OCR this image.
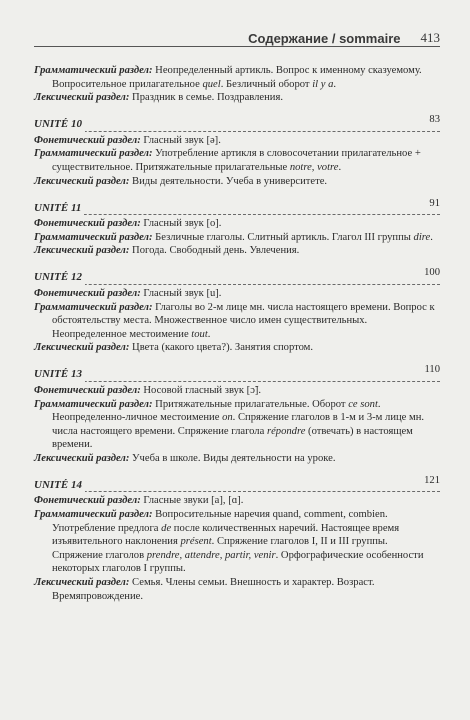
Содержание / sommaire 413

Грамматический раздел: Неопределенный артикль. Вопрос к именному сказуемому. Вопросительное прилагательное quel. Безличный оборот il y a.

Лексический раздел: Праздник в семье. Поздравления.

UNITÉ 10	83

Фонетический раздел: Гласный звук [ə].

Грамматический раздел: Употребление артикля в словосочетании прилагательное + существительное. Притяжательные прилагательные notre, votre.

Лексический раздел: Виды деятельности. Учеба в университете.

UNITÉ 11	91

Фонетический раздел: Гласный звук [o].

Грамматический раздел: Безличные глаголы. Слитный артикль. Глагол III группы dire.

Лексический раздел: Погода. Свободный день. Увлечения.

UNITÉ 12	100

Фонетический раздел: Гласный звук [u].

Грамматический раздел: Глаголы во 2-м лице мн. числа настоящего времени. Вопрос к обстоятельству места. Множественное число имен существительных. Неопределенное местоимение tout.

Лексический раздел: Цвета (какого цвета?). Занятия спортом.

UNITÉ 13	110

Фонетический раздел: Носовой гласный звук [ɔ̃].

Грамматический раздел: Притяжательные прилагательные. Оборот ce sont. Неопределенно-личное местоимение on. Спряжение глаголов в 1-м и 3-м лице мн. числа настоящего времени. Спряжение глагола répondre (отвечать) в настоящем времени.

Лексический раздел: Учеба в школе. Виды деятельности на уроке.

UNITÉ 14	121

Фонетический раздел: Гласные звуки [a], [ɑ].

Грамматический раздел: Вопросительные наречия quand, comment, combien. Употребление предлога de после количественных наречий. Настоящее время изъявительного наклонения présent. Спряжение глаголов I, II и III группы. Спряжение глаголов prendre, attendre, partir, venir. Орфографические особенности некоторых глаголов I группы.

Лексический раздел: Семья. Члены семьи. Внешность и характер. Возраст. Времяпровождение.
